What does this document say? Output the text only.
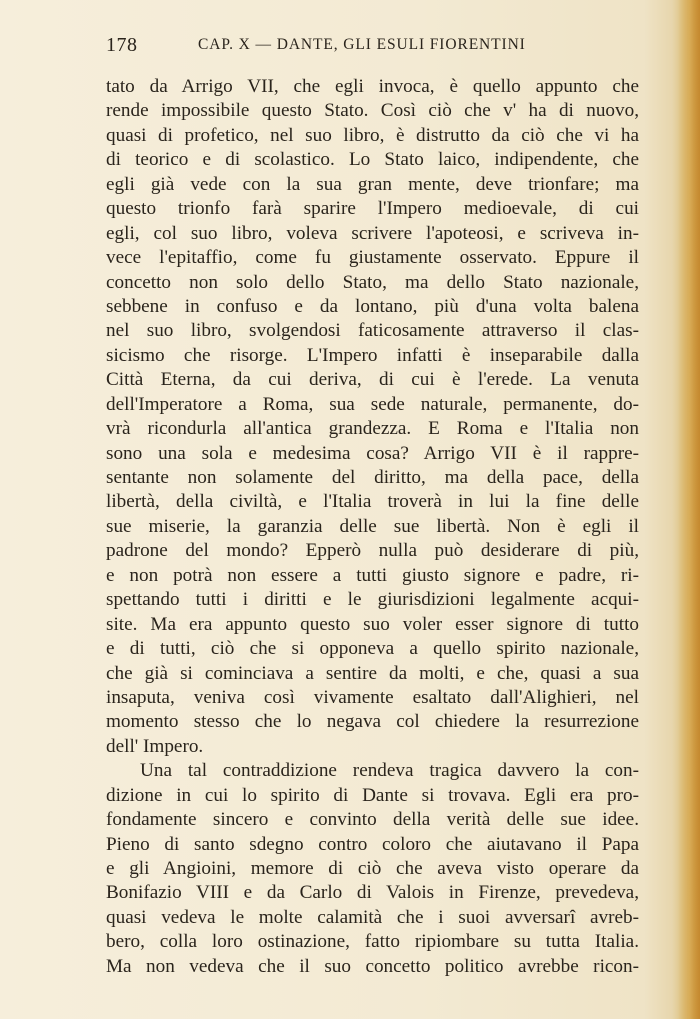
178	CAP. X — DANTE, GLI ESULI FIORENTINI
tato da Arrigo VII, che egli invoca, è quello appunto che
rende impossibile questo Stato. Così ciò che v' ha di nuovo,
quasi di profetico, nel suo libro, è distrutto da ciò che vi ha
di teorico e di scolastico. Lo Stato laico, indipendente, che
egli già vede con la sua gran mente, deve trionfare; ma
questo trionfo farà sparire l'Impero medioevale, di cui
egli, col suo libro, voleva scrivere l'apoteosi, e scriveva in-
vece l'epitaffio, come fu giustamente osservato. Eppure il
concetto non solo dello Stato, ma dello Stato nazionale,
sebbene in confuso e da lontano, più d'una volta balena
nel suo libro, svolgendosi faticosamente attraverso il clas-
sicismo che risorge. L'Impero infatti è inseparabile dalla
Città Eterna, da cui deriva, di cui è l'erede. La venuta
dell'Imperatore a Roma, sua sede naturale, permanente, do-
vrà ricondurla all'antica grandezza. E Roma e l'Italia non
sono una sola e medesima cosa? Arrigo VII è il rappre-
sentante non solamente del diritto, ma della pace, della
libertà, della civiltà, e l'Italia troverà in lui la fine delle
sue miserie, la garanzia delle sue libertà. Non è egli il
padrone del mondo? Epperò nulla può desiderare di più,
e non potrà non essere a tutti giusto signore e padre, ri-
spettando tutti i diritti e le giurisdizioni legalmente acqui-
site. Ma era appunto questo suo voler esser signore di tutto
e di tutti, ciò che si opponeva a quello spirito nazionale,
che già si cominciava a sentire da molti, e che, quasi a sua
insaputa, veniva così vivamente esaltato dall'Alighieri, nel
momento stesso che lo negava col chiedere la resurrezione
dell' Impero.
Una tal contraddizione rendeva tragica davvero la con-
dizione in cui lo spirito di Dante si trovava. Egli era pro-
fondamente sincero e convinto della verità delle sue idee.
Pieno di santo sdegno contro coloro che aiutavano il Papa
e gli Angioini, memore di ciò che aveva visto operare da
Bonifazio VIII e da Carlo di Valois in Firenze, prevedeva,
quasi vedeva le molte calamità che i suoi avversarî avreb-
bero, colla loro ostinazione, fatto ripiombare su tutta Italia.
Ma non vedeva che il suo concetto politico avrebbe ricon-
